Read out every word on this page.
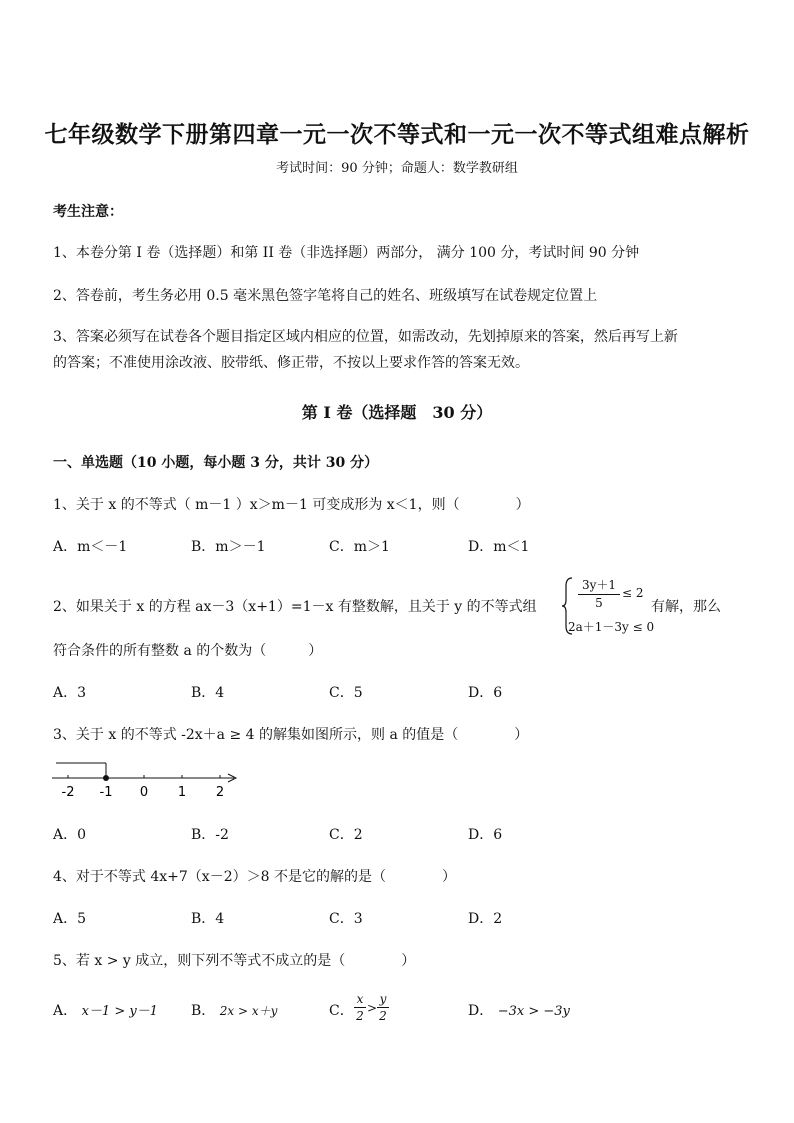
七年级数学下册第四章一元一次不等式和一元一次不等式组难点解析
考试时间：90 分钟；命题人：数学教研组
考生注意：
1、本卷分第 I 卷（选择题）和第 II 卷（非选择题）两部分， 满分 100 分，考试时间 90 分钟
2、答卷前，考生务必用 0.5 毫米黑色签字笔将自己的姓名、班级填写在试卷规定位置上
3、答案必须写在试卷各个题目指定区域内相应的位置，如需改动，先划掉原来的答案，然后再写上新
的答案；不准使用涂改液、胶带纸、修正带，不按以上要求作答的答案无效。
第 I 卷（选择题　30 分）
一、单选题（10 小题，每小题 3 分，共计 30 分）
1、关于 x 的不等式（ m－1 ）x＞m－1 可变成形为 x＜1，则（　　　　）
A．m＜－1	B．m＞－1	C．m＞1	D．m＜1
2、如果关于 x 的方程 ax－3（x+1）=1－x 有整数解，且关于 y 的不等式组
3y＋1
5
≤ 2
2a＋1－3y ≤ 0
有解，那么
符合条件的所有整数 a 的个数为（　　　）
A．3	B．4	C．5	D．6
3、关于 x 的不等式 -2x＋a ≥ 4 的解集如图所示，则 a 的值是（　　　　）
-2 -1 0 1 2
A．0	B．-2	C．2	D．6
4、对于不等式 4x+7（x－2）＞8 不是它的解的是（　　　　）
A．5	B．4	C．3	D．2
5、若 x > y 成立，则下列不等式不成立的是（　　　　）
A． x－1 > y－1 B． 2x > x＋y	C．
x
2
>
y
2	D． −3x > −3y
